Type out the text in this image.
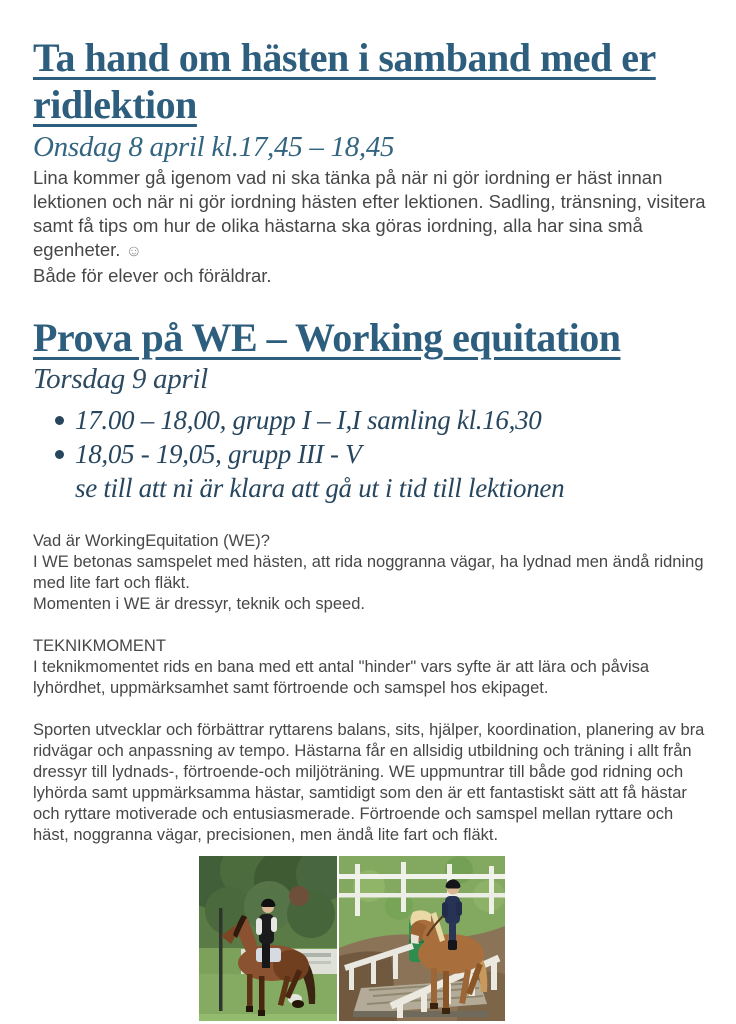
Ta hand om hästen i samband med er
ridlektion
Onsdag 8 april kl.17,45 – 18,45

Lina kommer gå igenom vad ni ska tänka på när ni gör iordning er häst innan lektionen och när ni gör iordning hästen efter lektionen. Sadling, tränsning, visitera samt få tips om hur de olika hästarna ska göras iordning, alla har sina små egenheter. ☺
Både för elever och föräldrar.

Prova på WE – Working equitation
Torsdag 9 april
17.00 – 18,00, grupp I – I,I samling kl.16,30
18,05 - 19,05, grupp III - V
se till att ni är klara att gå ut i tid till lektionen

Vad är WorkingEquitation (WE)?

I WE betonas samspelet med hästen, att rida noggranna vägar, ha lydnad men ändå ridning med lite fart och fläkt.

Momenten i WE är dressyr, teknik och speed.

TEKNIKMOMENT

I teknikmomentet rids en bana med ett antal "hinder" vars syfte är att lära och påvisa lyhördhet, uppmärksamhet samt förtroende och samspel hos ekipaget.

Sporten utvecklar och förbättrar ryttarens balans, sits, hjälper, koordination, planering av bra ridvägar och anpassning av tempo. Hästarna får en allsidig utbildning och träning i allt från dressyr till lydnads-, förtroende-och miljöträning. WE uppmuntrar till både god ridning och lyhörda samt uppmärksamma hästar, samtidigt som den är ett fantastiskt sätt att få hästar och ryttare motiverade och entusiasmerade. Förtroende och samspel mellan ryttare och häst, noggranna vägar, precisionen, men ändå lite fart och fläkt.
